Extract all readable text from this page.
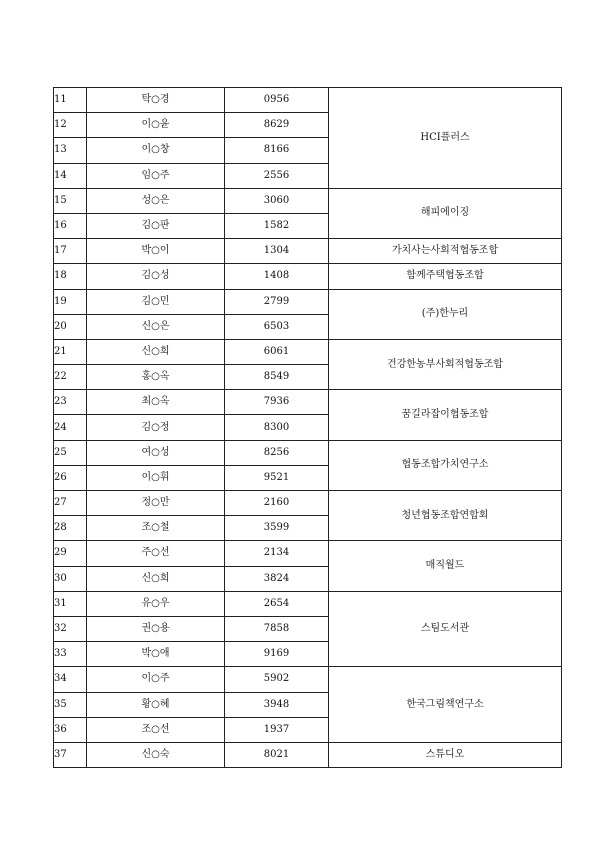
11	탁○경	0956	HCI플러스
12	이○윤	8629	
13	이○창	8166	
14	임○주	2556	
15	성○은	3060	해피에이징
16	김○판	1582	
17	박○이	1304	가치사는사회적협동조합
18	김○성	1408	함께주택협동조합
19	김○민	2799	(주)한누리
20	신○은	6503	
21	신○희	6061	건강한농부사회적협동조합
22	홍○옥	8549	
23	최○옥	7936	꿈길라잡이협동조합
24	김○정	8300	
25	여○성	8256	협동조합가치연구소
26	이○휘	9521	
27	정○만	2160	청년협동조합연합회
28	조○철	3599	
29	주○선	2134	매직월드
30	신○희	3824	
31	유○우	2654	스팀도서관
32	권○용	7858	
33	박○애	9169	
34	이○주	5902	한국그림책연구소
35	황○혜	3948	
36	조○선	1937	
37	신○숙	8021	스튜디오
